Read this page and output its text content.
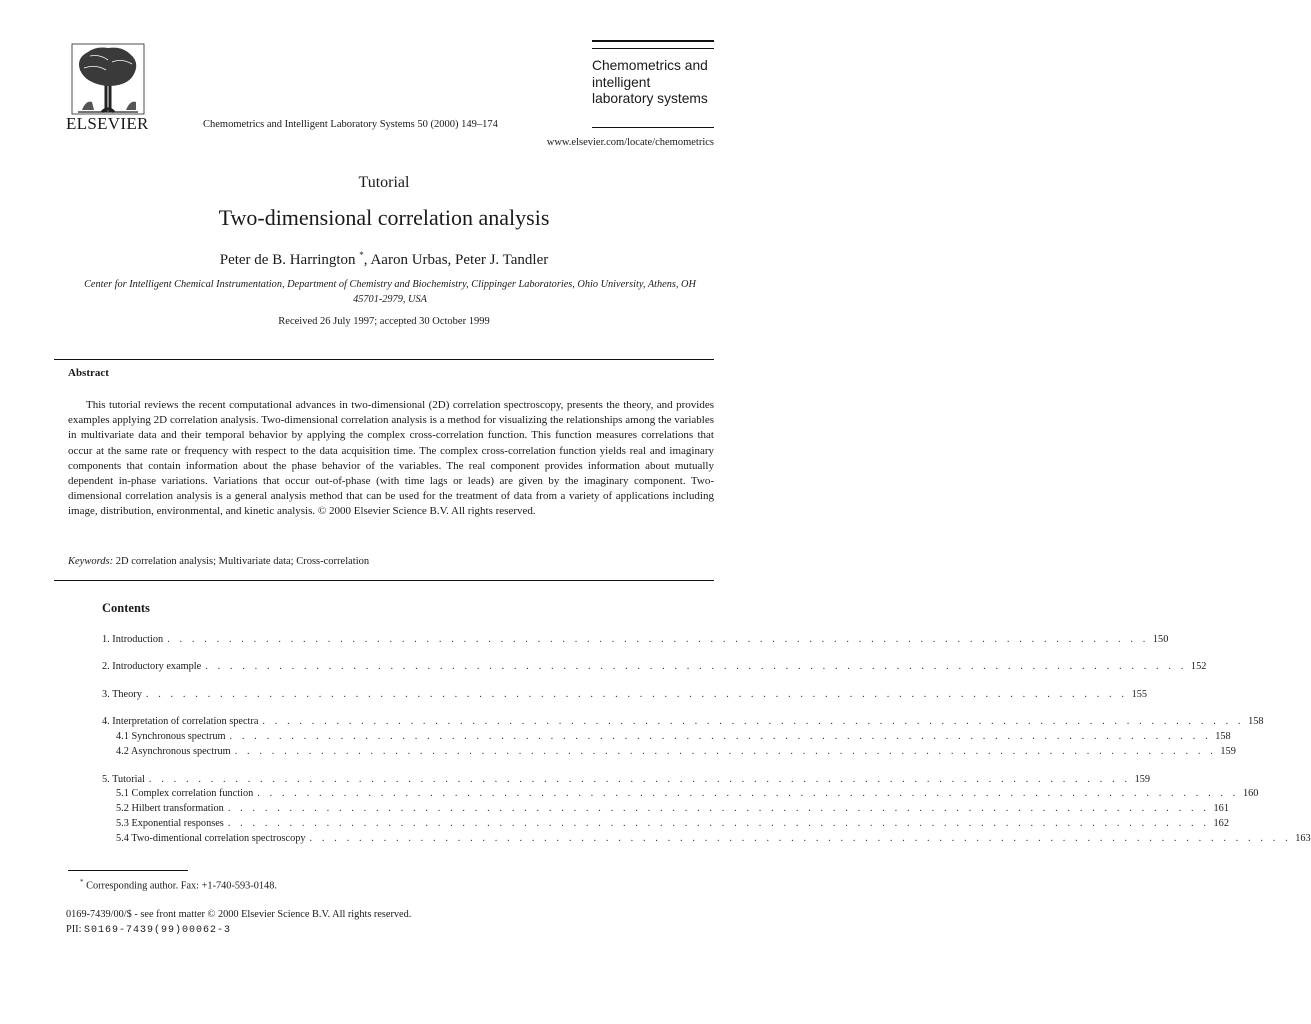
ELSEVIER	Chemometrics and Intelligent Laboratory Systems 50 (2000) 149–174
www.elsevier.com/locate/chemometrics
Chemometrics and
intelligent
laboratory systems
Tutorial
Two-dimensional correlation analysis
Peter de B. Harrington *, Aaron Urbas, Peter J. Tandler
Center for Intelligent Chemical Instrumentation, Department of Chemistry and Biochemistry, Clippinger Laboratories, Ohio University, Athens, OH 45701-2979, USA
Received 26 July 1997; accepted 30 October 1999
Abstract
This tutorial reviews the recent computational advances in two-dimensional (2D) correlation spectroscopy, presents the theory, and provides examples applying 2D correlation analysis. Two-dimensional correlation analysis is a method for visualizing the relationships among the variables in multivariate data and their temporal behavior by applying the complex cross-correlation function. This function measures correlations that occur at the same rate or frequency with respect to the data acquisition time. The complex cross-correlation function yields real and imaginary components that contain information about the phase behavior of the variables. The real component provides information about mutually dependent in-phase variations. Variations that occur out-of-phase (with time lags or leads) are given by the imaginary component. Two-dimensional correlation analysis is a general analysis method that can be used for the treatment of data from a variety of applications including image, distribution, environmental, and kinetic analysis. © 2000 Elsevier Science B.V. All rights reserved.
Keywords: 2D correlation analysis; Multivariate data; Cross-correlation
Contents
1. Introduction . . . . . . . . . . . . . . . . . . . . . . . . . . . . . . . . . . . . . . . . . . . . . . . . . . . . . . . . . . . . . . . . . . . . . . . . . . . . . . . . 150
2. Introductory example . . . . . . . . . . . . . . . . . . . . . . . . . . . . . . . . . . . . . . . . . . . . . . . . . . . . . . . . . . . . . . . . . . . . . . . . . . . . . . . . 152
3. Theory . . . . . . . . . . . . . . . . . . . . . . . . . . . . . . . . . . . . . . . . . . . . . . . . . . . . . . . . . . . . . . . . . . . . . . . . . . . . . . . . 155
4. Interpretation of correlation spectra . . . . . . . . . . . . . . . . . . . . . . . . . . . . . . . . . . . . . . . . . . . . . . . . . . . . . . . . . . . . . . . . . . . . . . . . . . . . . . . . 158
4.1 Synchronous spectrum . . . . . . . . . . . . . . . . . . . . . . . . . . . . . . . . . . . . . . . . . . . . . . . . . . . . . . . . . . . . . . . . . . . . . . . . . . . . . . . . 158
4.2 Asynchronous spectrum . . . . . . . . . . . . . . . . . . . . . . . . . . . . . . . . . . . . . . . . . . . . . . . . . . . . . . . . . . . . . . . . . . . . . . . . . . . . . . . . 159
5. Tutorial . . . . . . . . . . . . . . . . . . . . . . . . . . . . . . . . . . . . . . . . . . . . . . . . . . . . . . . . . . . . . . . . . . . . . . . . . . . . . . . . 159
5.1 Complex correlation function . . . . . . . . . . . . . . . . . . . . . . . . . . . . . . . . . . . . . . . . . . . . . . . . . . . . . . . . . . . . . . . . . . . . . . . . . . . . . . . . 160
5.2 Hilbert transformation . . . . . . . . . . . . . . . . . . . . . . . . . . . . . . . . . . . . . . . . . . . . . . . . . . . . . . . . . . . . . . . . . . . . . . . . . . . . . . . . 161
5.3 Exponential responses . . . . . . . . . . . . . . . . . . . . . . . . . . . . . . . . . . . . . . . . . . . . . . . . . . . . . . . . . . . . . . . . . . . . . . . . . . . . . . . . 162
5.4 Two-dimentional correlation spectroscopy . . . . . . . . . . . . . . . . . . . . . . . . . . . . . . . . . . . . . . . . . . . . . . . . . . . . . . . . . . . . . . . . . . . . . . . . . . . . . . . . 163
* Corresponding author. Fax: +1-740-593-0148.
0169-7439/00/$ - see front matter © 2000 Elsevier Science B.V. All rights reserved.
PII: S0169-7439(99)00062-3
